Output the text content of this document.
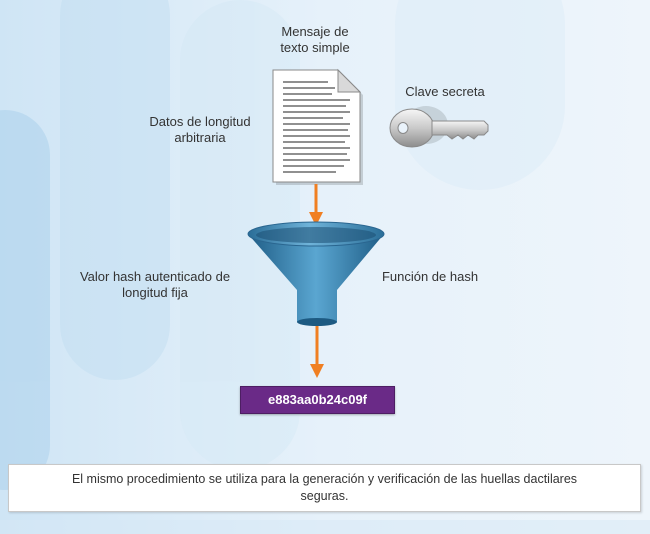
Mensaje de
texto simple
Clave secreta
Datos de longitud
arbitraria
Valor hash autenticado de
longitud fija
Función de hash
e883aa0b24c09f
El mismo procedimiento se utiliza para la generación y verificación de las huellas dactilares seguras.
